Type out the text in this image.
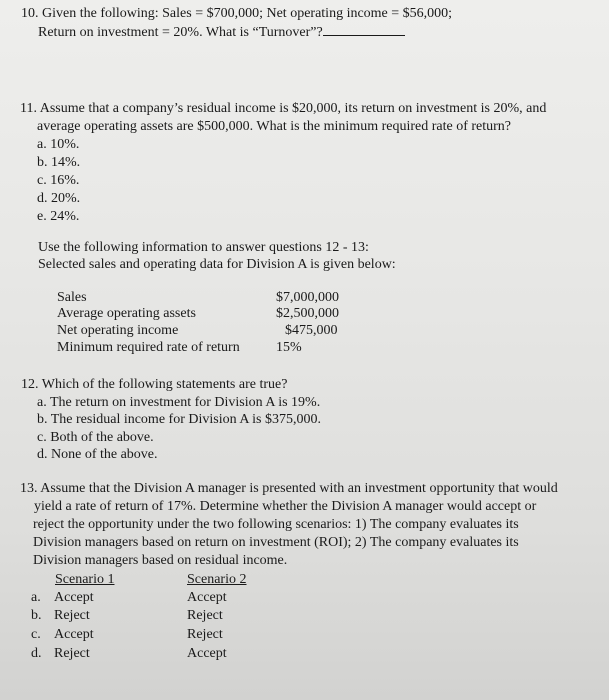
10. Given the following: Sales = $700,000; Net operating income = $56,000;
Return on investment = 20%. What is “Turnover”?
11. Assume that a company’s residual income is $20,000, its return on investment is 20%, and
average operating assets are $500,000. What is the minimum required rate of return?
a. 10%.
b. 14%.
c. 16%.
d. 20%.
e. 24%.
Use the following information to answer questions 12 - 13:
Selected sales and operating data for Division A is given below:
Sales	$7,000,000
Average operating assets	$2,500,000
Net operating income	$475,000
Minimum required rate of return	15%
12. Which of the following statements are true?
a. The return on investment for Division A is 19%.
b. The residual income for Division A is $375,000.
c. Both of the above.
d. None of the above.
13. Assume that the Division A manager is presented with an investment opportunity that would
yield a rate of return of 17%. Determine whether the Division A manager would accept or
reject the opportunity under the two following scenarios: 1) The company evaluates its
Division managers based on return on investment (ROI); 2) The company evaluates its
Division managers based on residual income.
Scenario 1	Scenario 2
a. Accept	Accept
b. Reject	Reject
c. Accept	Reject
d. Reject	Accept
